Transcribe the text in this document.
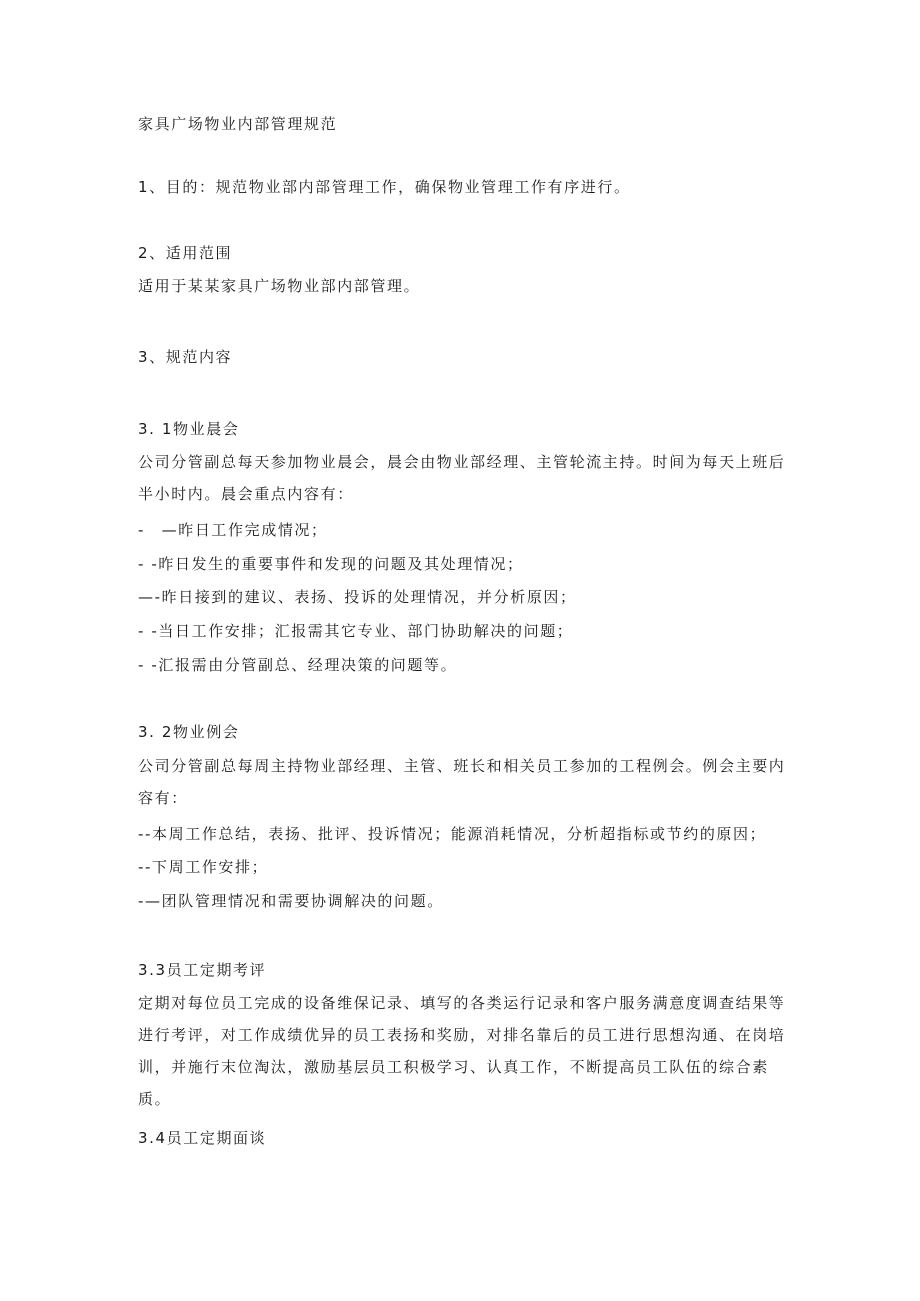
家具广场物业内部管理规范
1、目的：规范物业部内部管理工作，确保物业管理工作有序进行。
2、适用范围
适用于某某家具广场物业部内部管理。
3、规范内容
3. 1物业晨会
公司分管副总每天参加物业晨会，晨会由物业部经理、主管轮流主持。时间为每天上班后半小时内。晨会重点内容有：
-　—昨日工作完成情况；
- -昨日发生的重要事件和发现的问题及其处理情况；
—-昨日接到的建议、表扬、投诉的处理情况，并分析原因；
- -当日工作安排；汇报需其它专业、部门协助解决的问题；
- -汇报需由分管副总、经理决策的问题等。
3. 2物业例会
公司分管副总每周主持物业部经理、主管、班长和相关员工参加的工程例会。例会主要内容有：
--本周工作总结，表扬、批评、投诉情况；能源消耗情况，分析超指标或节约的原因；
--下周工作安排；
-—团队管理情况和需要协调解决的问题。
3.3员工定期考评
定期对每位员工完成的设备维保记录、填写的各类运行记录和客户服务满意度调查结果等进行考评，对工作成绩优异的员工表扬和奖励，对排名靠后的员工进行思想沟通、在岗培训，并施行末位淘汰，激励基层员工积极学习、认真工作，不断提高员工队伍的综合素质。
3.4员工定期面谈
